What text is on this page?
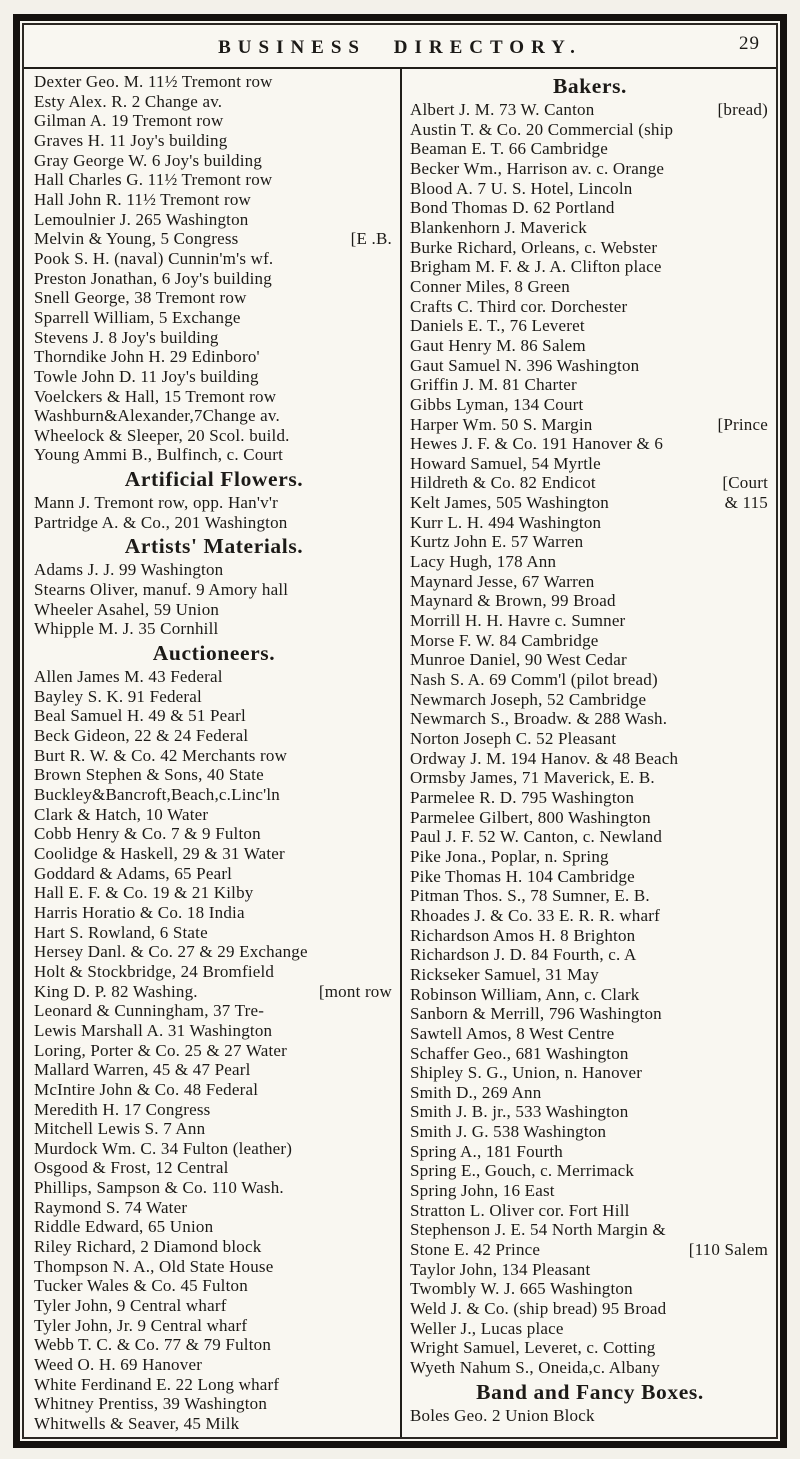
BUSINESS DIRECTORY.	29
Dexter Geo. M. 11½ Tremont row
Esty Alex. R. 2 Change av.
Gilman A. 19 Tremont row
Graves H. 11 Joy's building
Gray George W. 6 Joy's building
Hall Charles G. 11½ Tremont row
Hall John R. 11½ Tremont row
Lemoulnier J. 265 Washington
Melvin & Young, 5 Congress	[E .B.
Pook S. H. (naval) Cunnin'm's wf.
Preston Jonathan, 6 Joy's building
Snell George, 38 Tremont row
Sparrell William, 5 Exchange
Stevens J. 8 Joy's building
Thorndike John H. 29 Edinboro'
Towle John D. 11 Joy's building
Voelckers & Hall, 15 Tremont row
Washburn&Alexander,7Change av.
Wheelock & Sleeper, 20 Scol. build.
Young Ammi B., Bulfinch, c. Court
Artificial Flowers.
Mann J. Tremont row, opp. Han'v'r
Partridge A. & Co., 201 Washington
Artists' Materials.
Adams J. J. 99 Washington
Stearns Oliver, manuf. 9 Amory hall
Wheeler Asahel, 59 Union
Whipple M. J. 35 Cornhill
Auctioneers.
Allen James M. 43 Federal
Bayley S. K. 91 Federal
Beal Samuel H. 49 & 51 Pearl
Beck Gideon, 22 & 24 Federal
Burt R. W. & Co. 42 Merchants row
Brown Stephen & Sons, 40 State
Buckley&Bancroft,Beach,c.Linc'ln
Clark & Hatch, 10 Water
Cobb Henry & Co. 7 & 9 Fulton
Coolidge & Haskell, 29 & 31 Water
Goddard & Adams, 65 Pearl
Hall E. F. & Co. 19 & 21 Kilby
Harris Horatio & Co. 18 India
Hart S. Rowland, 6 State
Hersey Danl. & Co. 27 & 29 Exchange
Holt & Stockbridge, 24 Bromfield
King D. P. 82 Washing.	[mont row
Leonard & Cunningham, 37 Tre-
Lewis Marshall A. 31 Washington
Loring, Porter & Co. 25 & 27 Water
Mallard Warren, 45 & 47 Pearl
McIntire John & Co. 48 Federal
Meredith H. 17 Congress
Mitchell Lewis S. 7 Ann
Murdock Wm. C. 34 Fulton (leather)
Osgood & Frost, 12 Central
Phillips, Sampson & Co. 110 Wash.
Raymond S. 74 Water
Riddle Edward, 65 Union
Riley Richard, 2 Diamond block
Thompson N. A., Old State House
Tucker Wales & Co. 45 Fulton
Tyler John, 9 Central wharf
Tyler John, Jr. 9 Central wharf
Webb T. C. & Co. 77 & 79 Fulton
Weed O. H. 69 Hanover
White Ferdinand E. 22 Long wharf
Whitney Prentiss, 39 Washington
Whitwells & Seaver, 45 Milk
Bakers.
Albert J. M. 73 W. Canton	[bread)
Austin T. & Co. 20 Commercial (ship
Beaman E. T. 66 Cambridge
Becker Wm., Harrison av. c. Orange
Blood A. 7 U. S. Hotel, Lincoln
Bond Thomas D. 62 Portland
Blankenhorn J. Maverick
Burke Richard, Orleans, c. Webster
Brigham M. F. & J. A. Clifton place
Conner Miles, 8 Green
Crafts C. Third cor. Dorchester
Daniels E. T., 76 Leveret
Gaut Henry M. 86 Salem
Gaut Samuel N. 396 Washington
Griffin J. M. 81 Charter
Gibbs Lyman, 134 Court
Harper Wm. 50 S. Margin	[Prince
Hewes J. F. & Co. 191 Hanover & 6
Howard Samuel, 54 Myrtle
Hildreth & Co. 82 Endicot	[Court
Kelt James, 505 Washington	& 115
Kurr L. H. 494 Washington
Kurtz John E. 57 Warren
Lacy Hugh, 178 Ann
Maynard Jesse, 67 Warren
Maynard & Brown, 99 Broad
Morrill H. H. Havre c. Sumner
Morse F. W. 84 Cambridge
Munroe Daniel, 90 West Cedar
Nash S. A. 69 Comm'l (pilot bread)
Newmarch Joseph, 52 Cambridge
Newmarch S., Broadw. & 288 Wash.
Norton Joseph C. 52 Pleasant
Ordway J. M. 194 Hanov. & 48 Beach
Ormsby James, 71 Maverick, E. B.
Parmelee R. D. 795 Washington
Parmelee Gilbert, 800 Washington
Paul J. F. 52 W. Canton, c. Newland
Pike Jona., Poplar, n. Spring
Pike Thomas H. 104 Cambridge
Pitman Thos. S., 78 Sumner, E. B.
Rhoades J. & Co. 33 E. R. R. wharf
Richardson Amos H. 8 Brighton
Richardson J. D. 84 Fourth, c. A
Rickseker Samuel, 31 May
Robinson William, Ann, c. Clark
Sanborn & Merrill, 796 Washington
Sawtell Amos, 8 West Centre
Schaffer Geo., 681 Washington
Shipley S. G., Union, n. Hanover
Smith D., 269 Ann
Smith J. B. jr., 533 Washington
Smith J. G. 538 Washington
Spring A., 181 Fourth
Spring E., Gouch, c. Merrimack
Spring John, 16 East
Stratton L. Oliver cor. Fort Hill
Stephenson J. E. 54 North Margin &
Stone E. 42 Prince	[110 Salem
Taylor John, 134 Pleasant
Twombly W. J. 665 Washington
Weld J. & Co. (ship bread) 95 Broad
Weller J., Lucas place
Wright Samuel, Leveret, c. Cotting
Wyeth Nahum S., Oneida,c. Albany
Band and Fancy Boxes.
Boles Geo. 2 Union Block
